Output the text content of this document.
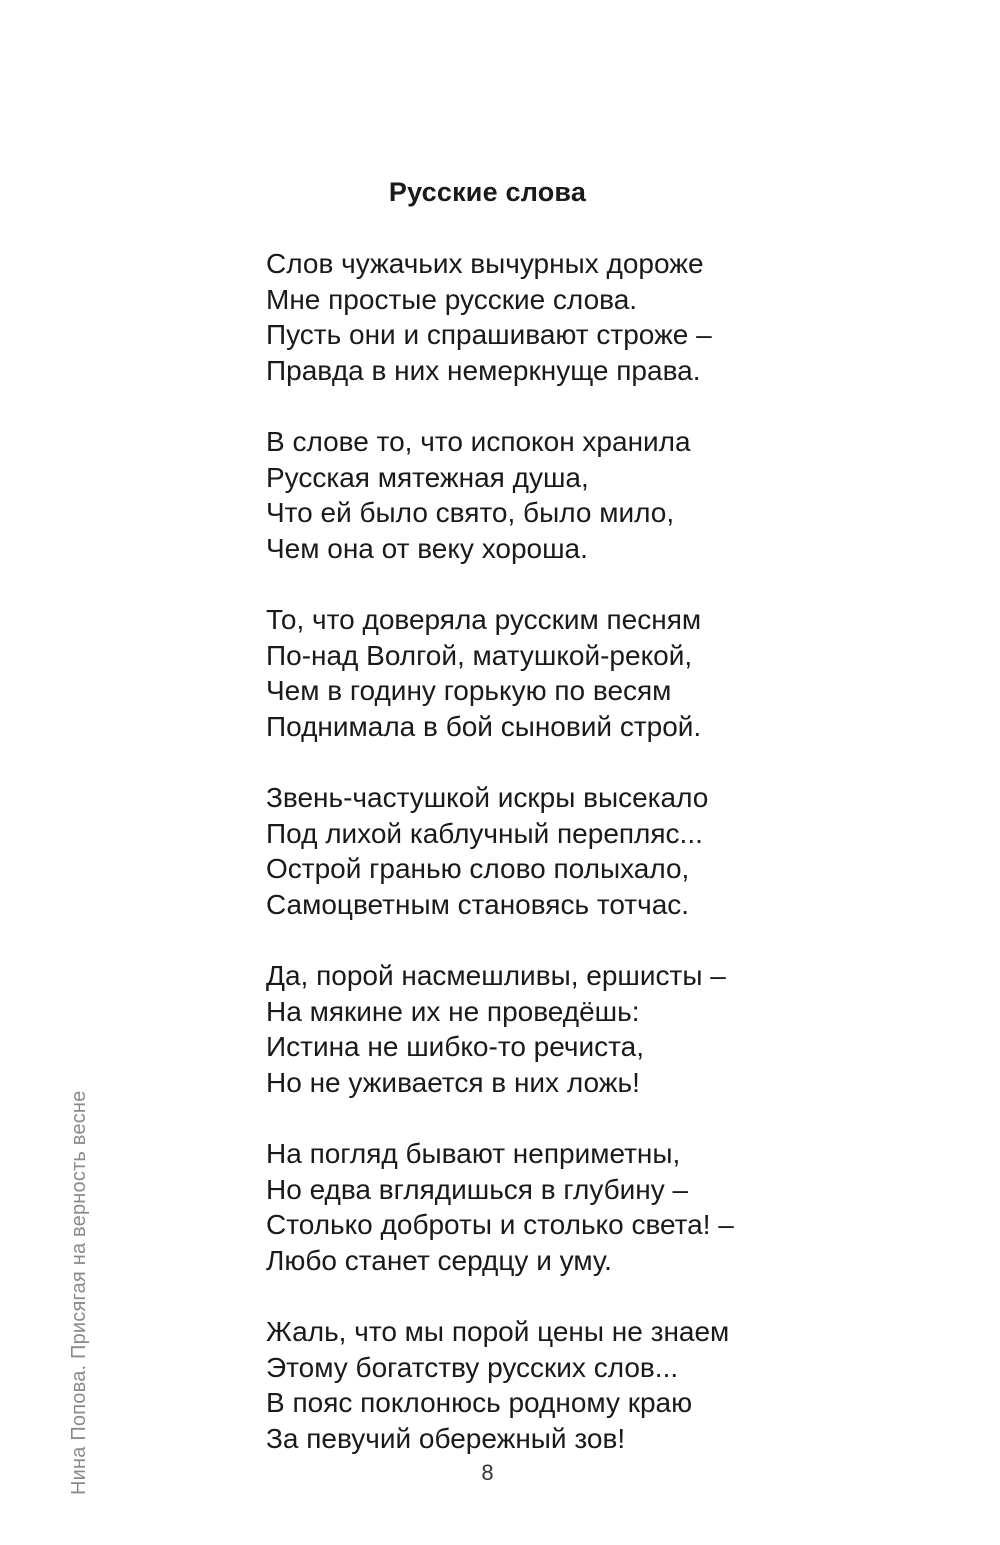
Русские слова
Слов чужачьих вычурных дороже
Мне простые русские слова.
Пусть они и спрашивают строже –
Правда в них немеркнуще права.
В слове то, что испокон хранила
Русская мятежная душа,
Что ей было свято, было мило,
Чем она от веку хороша.
То, что доверяла русским песням
По-над Волгой, матушкой-рекой,
Чем в годину горькую по весям
Поднимала в бой сыновий строй.
Звень-частушкой искры высекало
Под лихой каблучный перепляс...
Острой гранью слово полыхало,
Самоцветным становясь тотчас.
Да, порой насмешливы, ершисты –
На мякине их не проведёшь:
Истина не шибко-то речиста,
Но не уживается в них ложь!
На погляд бывают неприметны,
Но едва вглядишься в глубину –
Столько доброты и столько света! –
Любо станет сердцу и уму.
Жаль, что мы порой цены не знаем
Этому богатству русских слов...
В пояс поклонюсь родному краю
За певучий обережный зов!
Нина Попова. Присягая на верность весне	8
